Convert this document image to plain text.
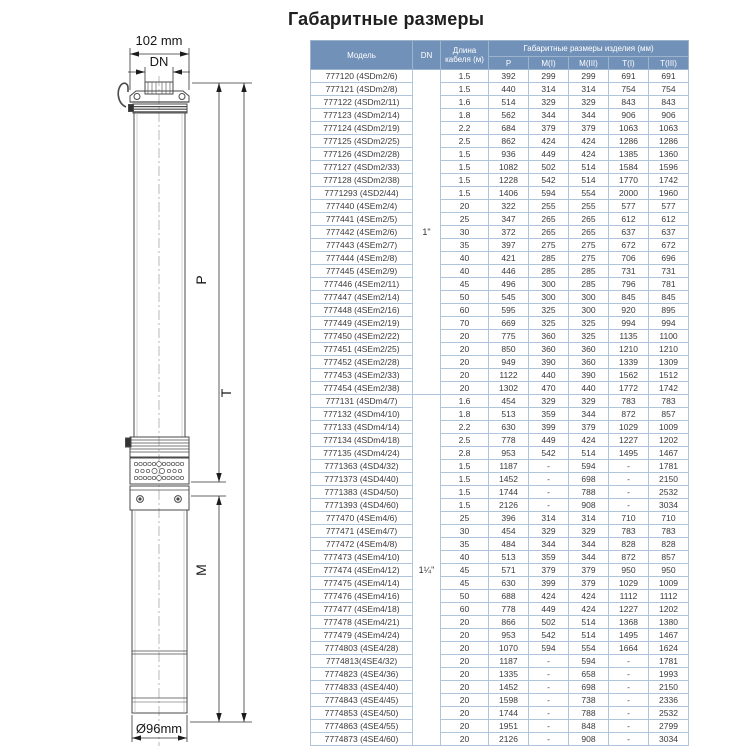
Габаритные размеры
102 mm
DN
Ø96mm
P
T
M
Модель	DN	Длина кабеля (м)	Габаритные размеры изделия (мм)				
			P	M(I)	M(III)	T(I)	T(III)
777120 (4SDm2/6)	1"	1.5	392	299	299	691	691
777121 (4SDm2/8)		1.5	440	314	314	754	754
777122 (4SDm2/11)		1.6	514	329	329	843	843
777123 (4SDm2/14)		1.8	562	344	344	906	906
777124 (4SDm2/19)		2.2	684	379	379	1063	1063
777125 (4SDm2/25)		2.5	862	424	424	1286	1286
777126 (4SDm2/28)		1.5	936	449	424	1385	1360
777127 (4SDm2/33)		1.5	1082	502	514	1584	1596
777128 (4SDm2/38)		1.5	1228	542	514	1770	1742
7771293 (4SD2/44)		1.5	1406	594	554	2000	1960
777440 (4SEm2/4)		20	322	255	255	577	577
777441 (4SEm2/5)		25	347	265	265	612	612
777442 (4SEm2/6)		30	372	265	265	637	637
777443 (4SEm2/7)		35	397	275	275	672	672
777444 (4SEm2/8)		40	421	285	275	706	696
777445 (4SEm2/9)		40	446	285	285	731	731
777446 (4SEm2/11)		45	496	300	285	796	781
777447 (4SEm2/14)		50	545	300	300	845	845
777448 (4SEm2/16)		60	595	325	300	920	895
777449 (4SEm2/19)		70	669	325	325	994	994
777450 (4SEm2/22)		20	775	360	325	1135	1100
777451 (4SEm2/25)		20	850	360	360	1210	1210
777452 (4SEm2/28)		20	949	390	360	1339	1309
777453 (4SEm2/33)		20	1122	440	390	1562	1512
777454 (4SEm2/38)		20	1302	470	440	1772	1742
777131 (4SDm4/7)	1¼"	1.6	454	329	329	783	783
777132 (4SDm4/10)		1.8	513	359	344	872	857
777133 (4SDm4/14)		2.2	630	399	379	1029	1009
777134 (4SDm4/18)		2.5	778	449	424	1227	1202
777135 (4SDm4/24)		2.8	953	542	514	1495	1467
7771363 (4SD4/32)		1.5	1187	-	594	-	1781
7771373 (4SD4/40)		1.5	1452	-	698	-	2150
7771383 (4SD4/50)		1.5	1744	-	788	-	2532
7771393 (4SD4/60)		1.5	2126	-	908	-	3034
777470 (4SEm4/6)		25	396	314	314	710	710
777471 (4SEm4/7)		30	454	329	329	783	783
777472 (4SEm4/8)		35	484	344	344	828	828
777473 (4SEm4/10)		40	513	359	344	872	857
777474 (4SEm4/12)		45	571	379	379	950	950
777475 (4SEm4/14)		45	630	399	379	1029	1009
777476 (4SEm4/16)		50	688	424	424	1112	1112
777477 (4SEm4/18)		60	778	449	424	1227	1202
777478 (4SEm4/21)		20	866	502	514	1368	1380
777479 (4SEm4/24)		20	953	542	514	1495	1467
7774803 (4SE4/28)		20	1070	594	554	1664	1624
7774813(4SE4/32)		20	1187	-	594	-	1781
7774823 (4SE4/36)		20	1335	-	658	-	1993
7774833 (4SE4/40)		20	1452	-	698	-	2150
7774843 (4SE4/45)		20	1598	-	738	-	2336
7774853 (4SE4/50)		20	1744	-	788	-	2532
7774863 (4SE4/55)		20	1951	-	848	-	2799
7774873 (4SE4/60)		20	2126	-	908	-	3034
